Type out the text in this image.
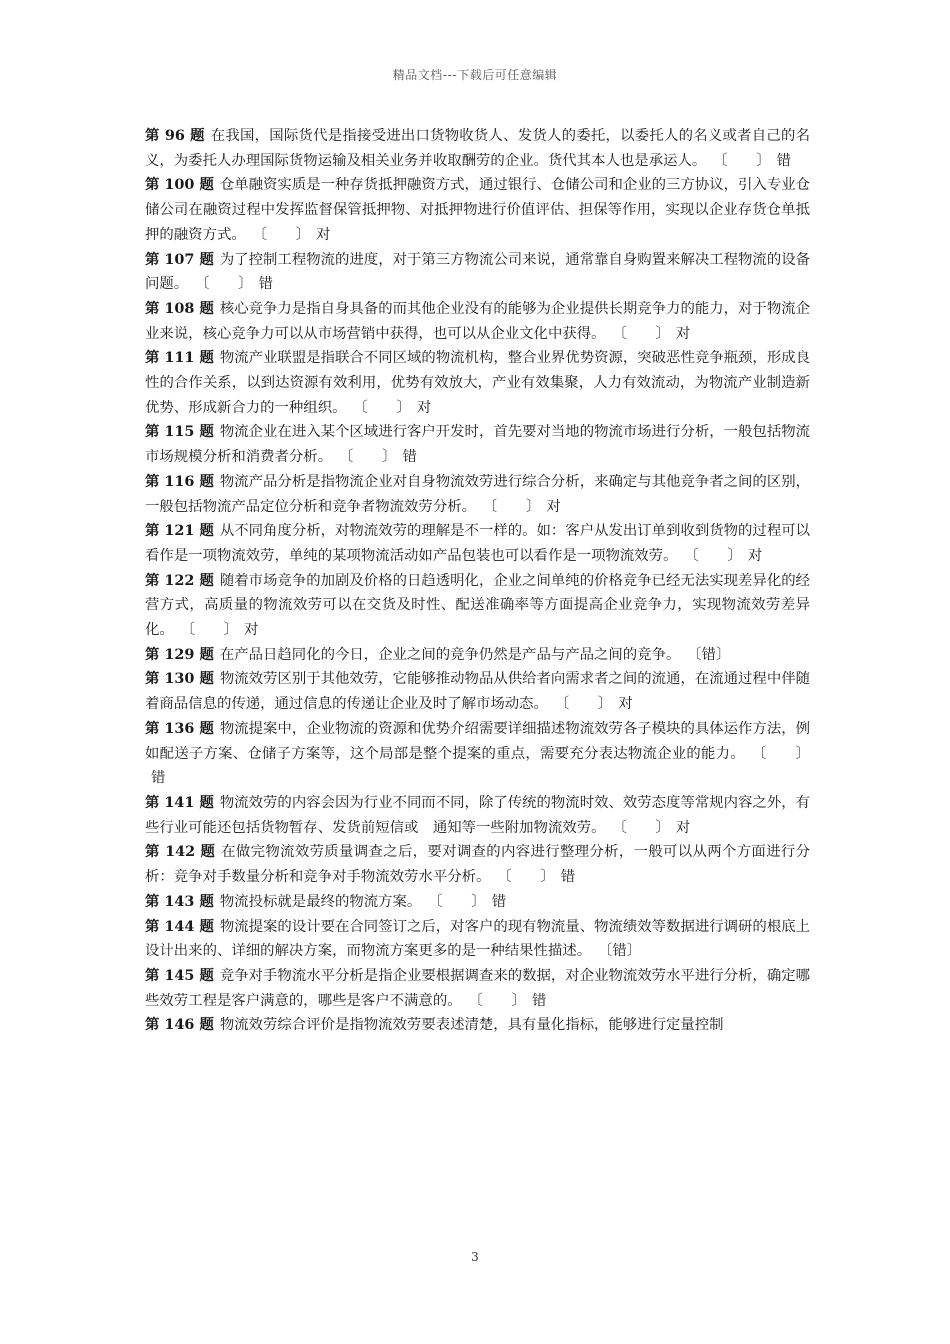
精品文档---下载后可任意编辑

第 96 题 在我国，国际货代是指接受进出口货物收货人、发货人的委托，以委托人的名义或者自己的名义，为委托人办理国际货物运输及相关业务并收取酬劳的企业。货代其本人也是承运人。 〔　　〕 错

第 100 题 仓单融资实质是一种存货抵押融资方式，通过银行、仓储公司和企业的三方协议，引入专业仓储公司在融资过程中发挥监督保管抵押物、对抵押物进行价值评估、担保等作用，实现以企业存货仓单抵押的融资方式。 〔　　〕 对

第 107 题 为了控制工程物流的进度，对于第三方物流公司来说，通常靠自身购置来解决工程物流的设备问题。 〔　　〕 错

第 108 题 核心竞争力是指自身具备的而其他企业没有的能够为企业提供长期竞争力的能力，对于物流企业来说，核心竞争力可以从市场营销中获得，也可以从企业文化中获得。 〔　　〕 对

第 111 题 物流产业联盟是指联合不同区域的物流机构，整合业界优势资源，突破恶性竞争瓶颈，形成良性的合作关系，以到达资源有效利用，优势有效放大，产业有效集聚，人力有效流动，为物流产业制造新优势、形成新合力的一种组织。 〔　　〕 对

第 115 题 物流企业在进入某个区域进行客户开发时，首先要对当地的物流市场进行分析，一般包括物流市场规模分析和消费者分析。 〔　　〕 错

第 116 题 物流产品分析是指物流企业对自身物流效劳进行综合分析，来确定与其他竞争者之间的区别，一般包括物流产品定位分析和竞争者物流效劳分析。 〔　　〕 对

第 121 题 从不同角度分析，对物流效劳的理解是不一样的。如：客户从发出订单到收到货物的过程可以看作是一项物流效劳，单纯的某项物流活动如产品包装也可以看作是一项物流效劳。 〔　　〕 对

第 122 题 随着市场竞争的加剧及价格的日趋透明化，企业之间单纯的价格竞争已经无法实现差异化的经营方式，高质量的物流效劳可以在交货及时性、配送准确率等方面提高企业竞争力，实现物流效劳差异化。 〔　　〕 对

第 129 题 在产品日趋同化的今日，企业之间的竞争仍然是产品与产品之间的竞争。 〔错〕

第 130 题 物流效劳区别于其他效劳，它能够推动物品从供给者向需求者之间的流通，在流通过程中伴随着商品信息的传递，通过信息的传递让企业及时了解市场动态。 〔　　〕 对

第 136 题 物流提案中，企业物流的资源和优势介绍需要详细描述物流效劳各子模块的具体运作方法，例如配送子方案、仓储子方案等，这个局部是整个提案的重点，需要充分表达物流企业的能力。 〔　　〕错

第 141 题 物流效劳的内容会因为行业不同而不同，除了传统的物流时效、效劳态度等常规内容之外，有些行业可能还包括货物暂存、发货前短信或　通知等一些附加物流效劳。 〔　　〕 对

第 142 题 在做完物流效劳质量调查之后，要对调查的内容进行整理分析，一般可以从两个方面进行分析：竞争对手数量分析和竞争对手物流效劳水平分析。 〔　　〕 错

第 143 题 物流投标就是最终的物流方案。 〔　　〕 错

第 144 题 物流提案的设计要在合同签订之后，对客户的现有物流量、物流绩效等数据进行调研的根底上设计出来的、详细的解决方案，而物流方案更多的是一种结果性描述。 〔错〕

第 145 题 竞争对手物流水平分析是指企业要根据调查来的数据，对企业物流效劳水平进行分析，确定哪些效劳工程是客户满意的，哪些是客户不满意的。 〔　　〕 错

第 146 题 物流效劳综合评价是指物流效劳要表述清楚，具有量化指标，能够进行定量控制

3
